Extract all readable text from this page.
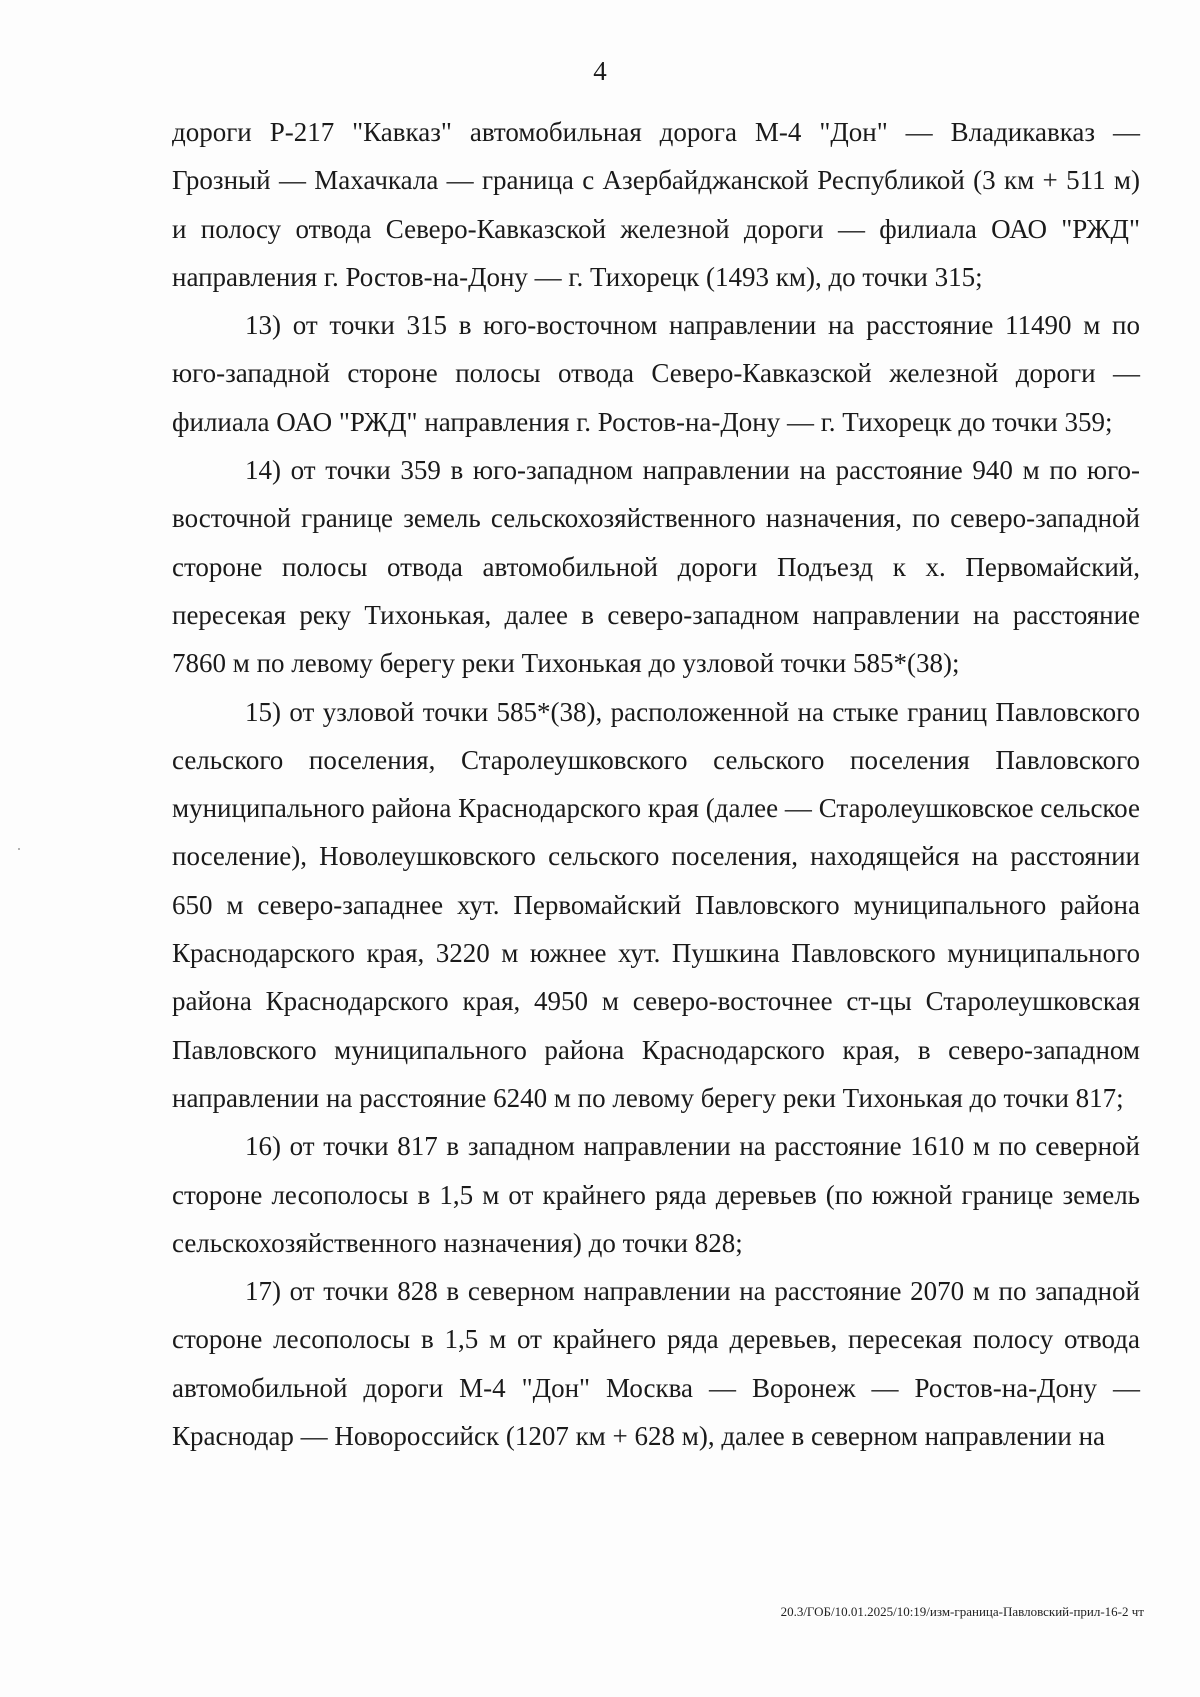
4

дороги Р-217 "Кавказ" автомобильная дорога М-4 "Дон" — Владикавказ — Грозный — Махачкала — граница с Азербайджанской Республикой (3 км + 511 м) и полосу отвода Северо-Кавказской железной дороги — филиала ОАО "РЖД" направления г. Ростов-на-Дону — г. Тихорецк (1493 км), до точки 315;

13) от точки 315 в юго-восточном направлении на расстояние 11490 м по юго-западной стороне полосы отвода Северо-Кавказской железной дороги — филиала ОАО "РЖД" направления г. Ростов-на-Дону — г. Тихорецк до точки 359;

14) от точки 359 в юго-западном направлении на расстояние 940 м по юго-восточной границе земель сельскохозяйственного назначения, по северо-западной стороне полосы отвода автомобильной дороги Подъезд к х. Первомайский, пересекая реку Тихонькая, далее в северо-западном направлении на расстояние 7860 м по левому берегу реки Тихонькая до узловой точки 585*(38);

15) от узловой точки 585*(38), расположенной на стыке границ Павловского сельского поселения, Старолеушковского сельского поселения Павловского муниципального района Краснодарского края (далее — Старолеушковское сельское поселение), Новолеушковского сельского поселения, находящейся на расстоянии 650 м северо-западнее хут. Первомайский Павловского муниципального района Краснодарского края, 3220 м южнее хут. Пушкина Павловского муниципального района Краснодарского края, 4950 м северо-восточнее ст-цы Старолеушковская Павловского муниципального района Краснодарского края, в северо-западном направлении на расстояние 6240 м по левому берегу реки Тихонькая до точки 817;

16) от точки 817 в западном направлении на расстояние 1610 м по северной стороне лесополосы в 1,5 м от крайнего ряда деревьев (по южной границе земель сельскохозяйственного назначения) до точки 828;

17) от точки 828 в северном направлении на расстояние 2070 м по западной стороне лесополосы в 1,5 м от крайнего ряда деревьев, пересекая полосу отвода автомобильной дороги М-4 "Дон" Москва — Воронеж — Ростов-на-Дону — Краснодар — Новороссийск (1207 км + 628 м), далее в северном направлении на

20.3/ГОБ/10.01.2025/10:19/изм-граница-Павловский-прил-16-2 чт
